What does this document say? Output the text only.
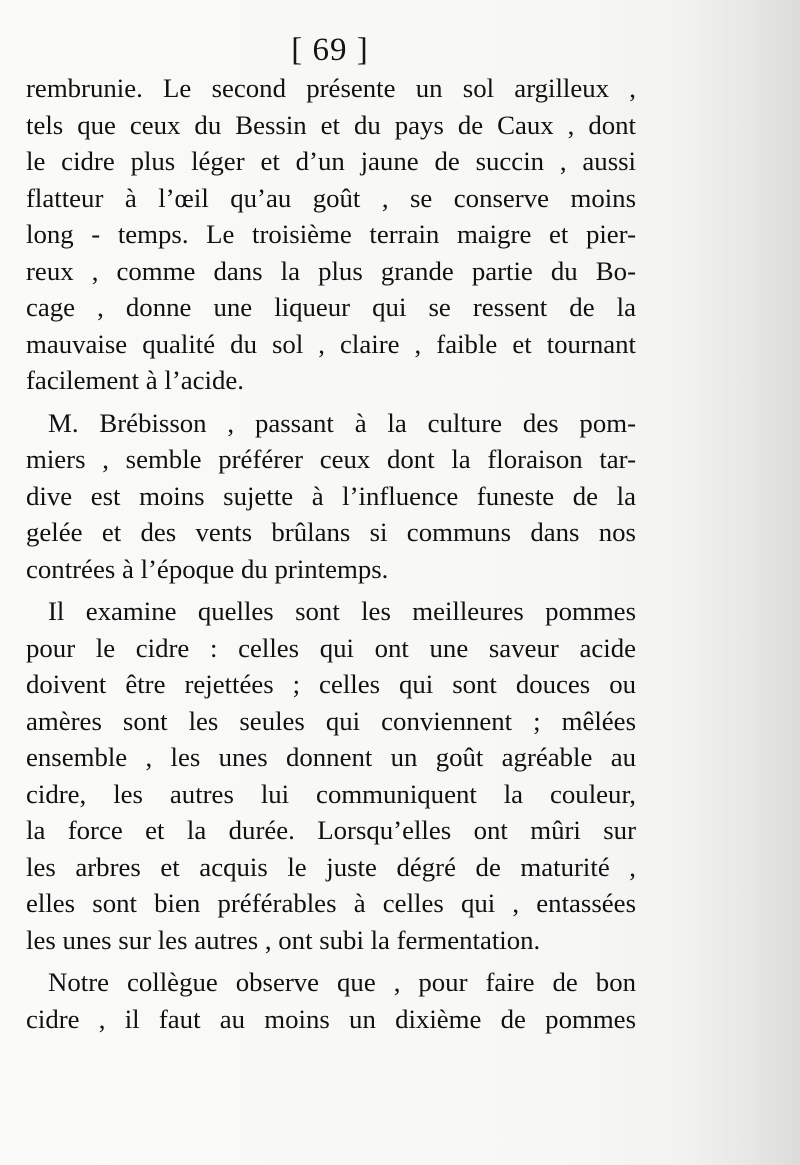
[ 69 ]
rembrunie. Le second présente un sol argilleux ,
tels que ceux du Bessin et du pays de Caux , dont
le cidre plus léger et d’un jaune de succin , aussi
flatteur à l’œil qu’au goût , se conserve moins
long - temps. Le troisième terrain maigre et pier-
reux , comme dans la plus grande partie du Bo-
cage , donne une liqueur qui se ressent de la
mauvaise qualité du sol , claire , faible et tournant
facilement à l’acide.
M. Brébisson , passant à la culture des pom-
miers , semble préférer ceux dont la floraison tar-
dive est moins sujette à l’influence funeste de la
gelée et des vents brûlans si communs dans nos
contrées à l’époque du printemps.
Il examine quelles sont les meilleures pommes
pour le cidre : celles qui ont une saveur acide
doivent être rejettées ; celles qui sont douces ou
amères sont les seules qui conviennent ; mêlées
ensemble , les unes donnent un goût agréable au
cidre, les autres lui communiquent la couleur,
la force et la durée. Lorsqu’elles ont mûri sur
les arbres et acquis le juste dégré de maturité ,
elles sont bien préférables à celles qui , entassées
les unes sur les autres , ont subi la fermentation.
Notre collègue observe que , pour faire de bon
cidre , il faut au moins un dixième de pommes
